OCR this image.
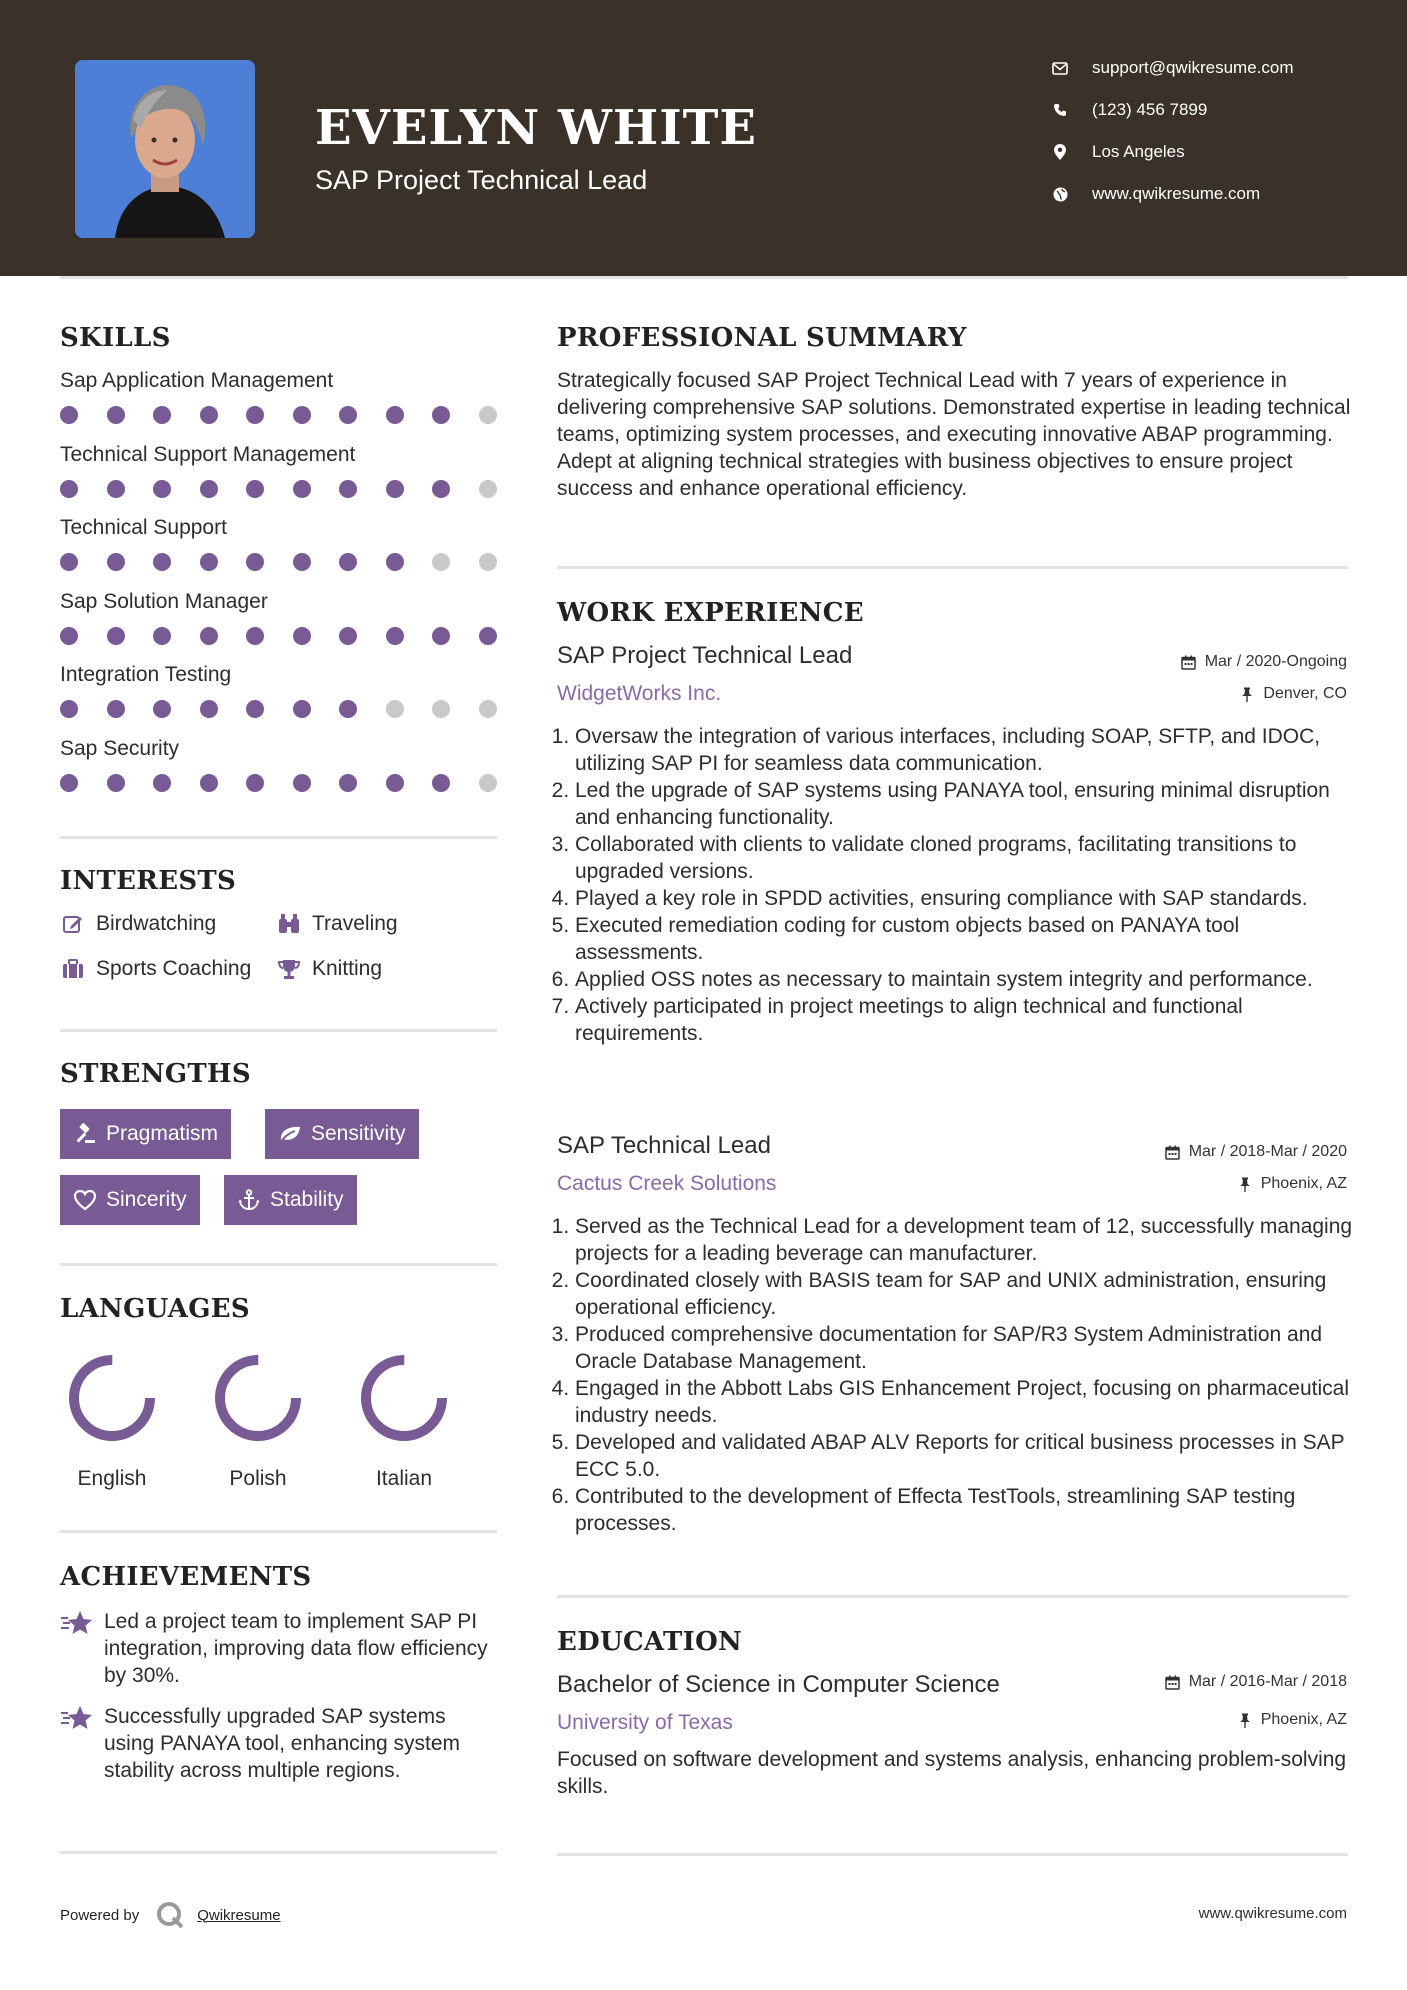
EVELYN WHITE
SAP Project Technical Lead
support@qwikresume.com
(123) 456 7899
Los Angeles
www.qwikresume.com
SKILLS
Sap Application Management
Technical Support Management
Technical Support
Sap Solution Manager
Integration Testing
Sap Security
INTERESTS
Birdwatching	Traveling
Sports Coaching	Knitting
STRENGTHS
Pragmatism	Sensitivity
Sincerity	Stability
LANGUAGES
English	Polish	Italian
ACHIEVEMENTS
Led a project team to implement SAP PI integration, improving data flow efficiency by 30%.
Successfully upgraded SAP systems using PANAYA tool, enhancing system stability across multiple regions.
PROFESSIONAL SUMMARY
Strategically focused SAP Project Technical Lead with 7 years of experience in delivering comprehensive SAP solutions. Demonstrated expertise in leading technical teams, optimizing system processes, and executing innovative ABAP programming. Adept at aligning technical strategies with business objectives to ensure project success and enhance operational efficiency.
WORK EXPERIENCE
SAP Project Technical Lead	Mar / 2020-Ongoing
WidgetWorks Inc.	Denver, CO
1. Oversaw the integration of various interfaces, including SOAP, SFTP, and IDOC, utilizing SAP PI for seamless data communication.
2. Led the upgrade of SAP systems using PANAYA tool, ensuring minimal disruption and enhancing functionality.
3. Collaborated with clients to validate cloned programs, facilitating transitions to upgraded versions.
4. Played a key role in SPDD activities, ensuring compliance with SAP standards.
5. Executed remediation coding for custom objects based on PANAYA tool assessments.
6. Applied OSS notes as necessary to maintain system integrity and performance.
7. Actively participated in project meetings to align technical and functional requirements.
SAP Technical Lead	Mar / 2018-Mar / 2020
Cactus Creek Solutions	Phoenix, AZ
1. Served as the Technical Lead for a development team of 12, successfully managing projects for a leading beverage can manufacturer.
2. Coordinated closely with BASIS team for SAP and UNIX administration, ensuring operational efficiency.
3. Produced comprehensive documentation for SAP/R3 System Administration and Oracle Database Management.
4. Engaged in the Abbott Labs GIS Enhancement Project, focusing on pharmaceutical industry needs.
5. Developed and validated ABAP ALV Reports for critical business processes in SAP ECC 5.0.
6. Contributed to the development of Effecta TestTools, streamlining SAP testing processes.
EDUCATION
Bachelor of Science in Computer Science	Mar / 2016-Mar / 2018
University of Texas	Phoenix, AZ
Focused on software development and systems analysis, enhancing problem-solving skills.
Powered by	Qwikresume	www.qwikresume.com
